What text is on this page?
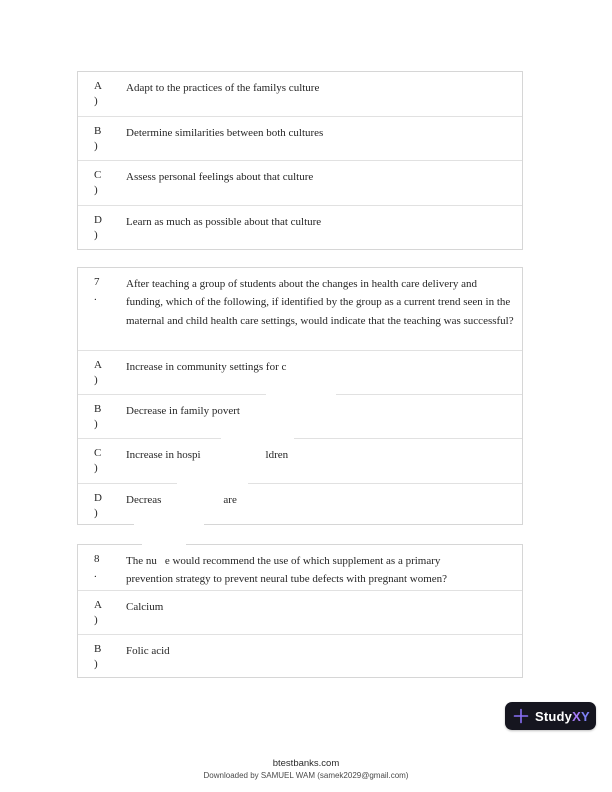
A
)
Adapt to the practices of the familys culture
B
)
Determine similarities between both cultures
C
)
Assess personal feelings about that culture
D
)
Learn as much as possible about that culture
7
.
After teaching a group of students about the changes in health care delivery and funding, which of the following, if identified by the group as a current trend seen in the maternal and child health care settings, would indicate that the teaching was successful?
A
)
Increase in community settings for c
B
)
Decrease in family povert
C
)
Increase in hospi	ldren
D
)
Decreas	are
8
.
The nu e would recommend the use of which supplement as a primary
prevention strategy to prevent neural tube defects with pregnant women?
A
)
Calcium
B
)
Folic acid
StudyXY
btestbanks.com
Downloaded by SAMUEL WAM (samek2029@gmail.com)
